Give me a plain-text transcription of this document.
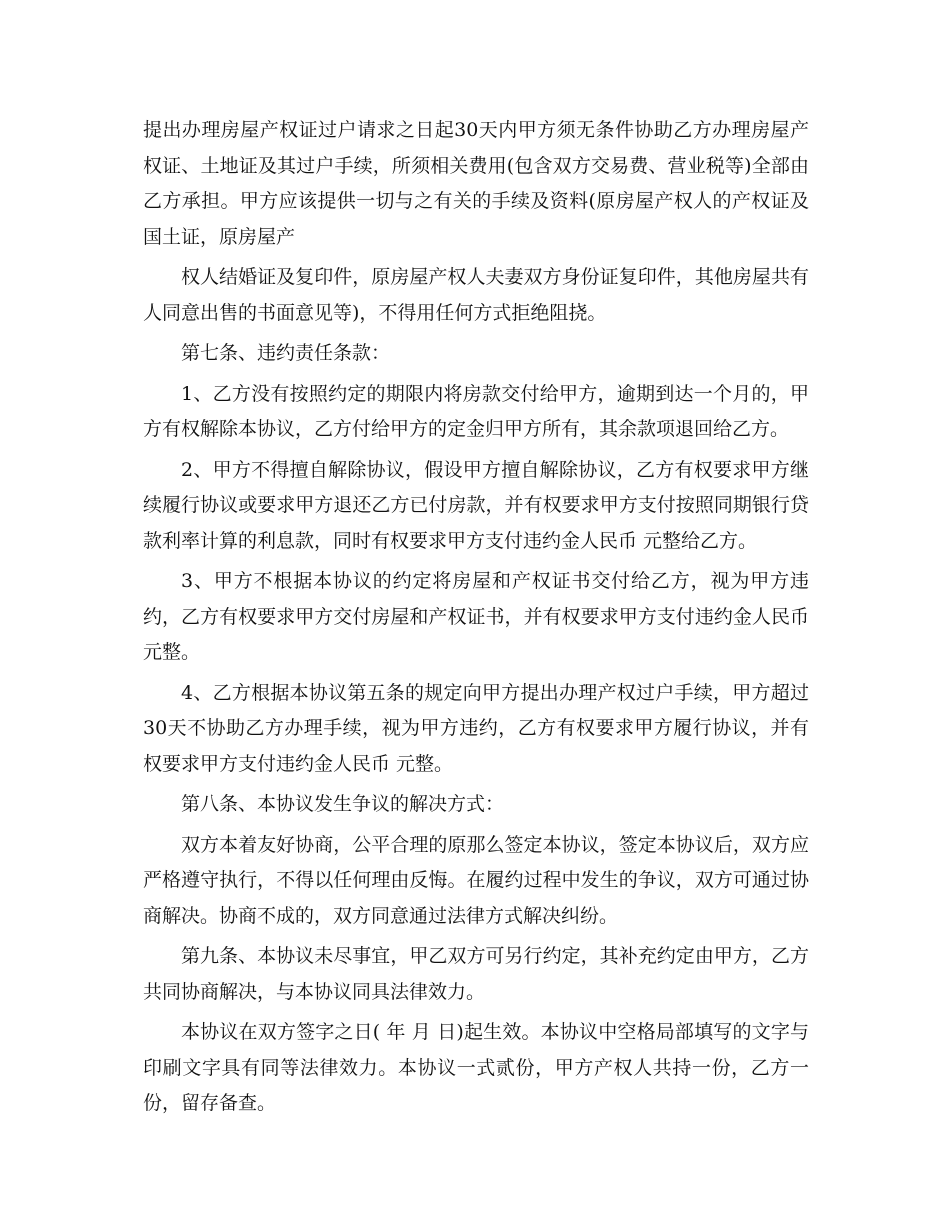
提出办理房屋产权证过户请求之日起30天内甲方须无条件协助乙方办理房屋产权证、土地证及其过户手续，所须相关费用(包含双方交易费、营业税等)全部由乙方承担。甲方应该提供一切与之有关的手续及资料(原房屋产权人的产权证及国土证，原房屋产

权人结婚证及复印件，原房屋产权人夫妻双方身份证复印件，其他房屋共有人同意出售的书面意见等)，不得用任何方式拒绝阻挠。

第七条、违约责任条款：

1、乙方没有按照约定的期限内将房款交付给甲方，逾期到达一个月的，甲方有权解除本协议，乙方付给甲方的定金归甲方所有，其余款项退回给乙方。

2、甲方不得擅自解除协议，假设甲方擅自解除协议，乙方有权要求甲方继续履行协议或要求甲方退还乙方已付房款，并有权要求甲方支付按照同期银行贷款利率计算的利息款，同时有权要求甲方支付违约金人民币 元整给乙方。

3、甲方不根据本协议的约定将房屋和产权证书交付给乙方，视为甲方违约，乙方有权要求甲方交付房屋和产权证书，并有权要求甲方支付违约金人民币 元整。

4、乙方根据本协议第五条的规定向甲方提出办理产权过户手续，甲方超过30天不协助乙方办理手续，视为甲方违约，乙方有权要求甲方履行协议，并有权要求甲方支付违约金人民币 元整。

第八条、本协议发生争议的解决方式：

双方本着友好协商，公平合理的原那么签定本协议，签定本协议后，双方应严格遵守执行，不得以任何理由反悔。在履约过程中发生的争议，双方可通过协商解决。协商不成的，双方同意通过法律方式解决纠纷。

第九条、本协议未尽事宜，甲乙双方可另行约定，其补充约定由甲方，乙方共同协商解决，与本协议同具法律效力。

本协议在双方签字之日( 年 月 日)起生效。本协议中空格局部填写的文字与印刷文字具有同等法律效力。本协议一式贰份，甲方产权人共持一份，乙方一份，留存备查。
